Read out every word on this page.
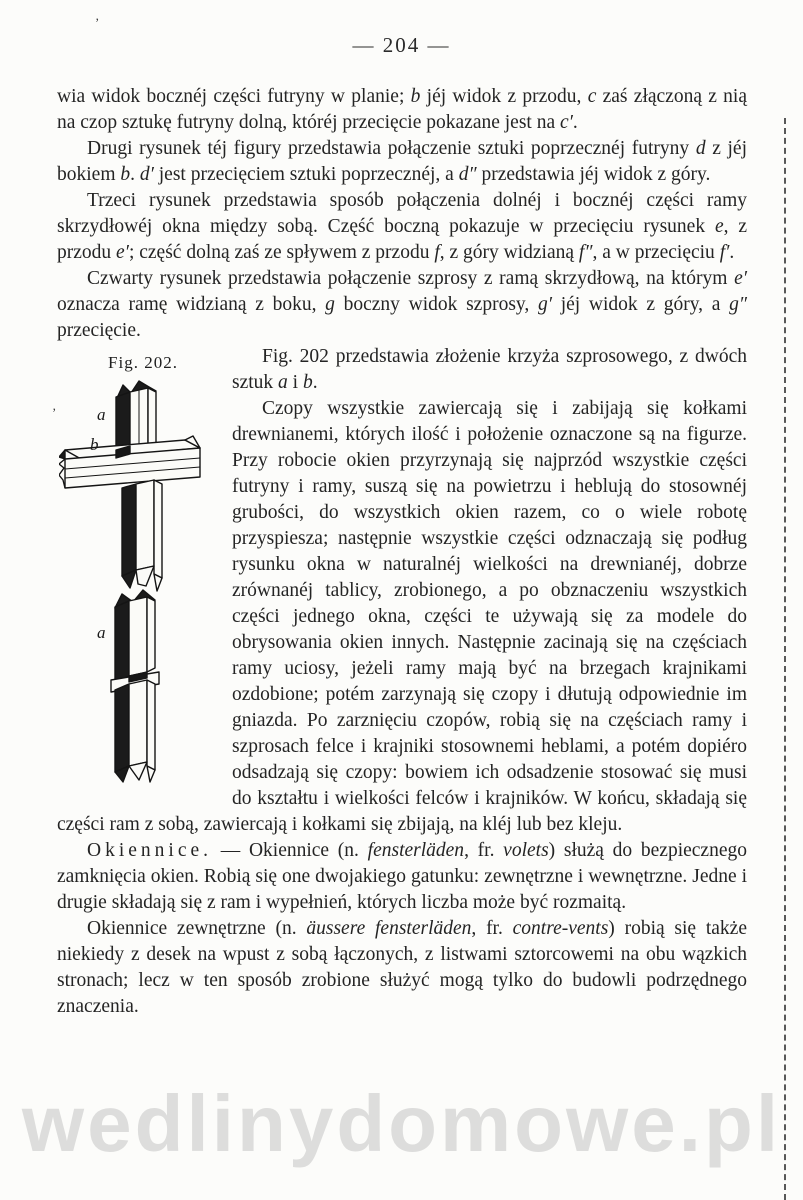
— 204 —
’
’

wia widok bocznéj części futryny w planie; b jéj widok z przodu, c zaś złączoną z nią na czop sztukę futryny dolną, któréj przecięcie pokazane jest na c′.

Drugi rysunek téj figury przedstawia połączenie sztuki poprzecznéj futryny d z jéj bokiem b. d′ jest przecięciem sztuki poprzecznéj, a d″ przedstawia jéj widok z góry.

Trzeci rysunek przedstawia sposób połączenia dolnéj i bocznéj części ramy skrzydłowéj okna między sobą. Część boczną pokazuje w przecięciu rysunek e, z przodu e′; część dolną zaś ze spływem z przodu f, z góry widzianą f″, a w przecięciu f′.

Czwarty rysunek przedstawia połączenie szprosy z ramą skrzydłową, na którym e′ oznacza ramę widzianą z boku, g boczny widok szprosy, g′ jéj widok z góry, a g″ przecięcie.

Fig. 202.
a
b
a

Fig. 202 przedstawia złożenie krzyża szprosowego, z dwóch sztuk a i b.

Czopy wszystkie zawiercają się i zabijają się kołkami drewnianemi, których ilość i położenie oznaczone są na figurze. Przy robocie okien przyrzynają się najprzód wszystkie części futryny i ramy, suszą się na powietrzu i heblują do stosownéj grubości, do wszystkich okien razem, co o wiele robotę przyspiesza; następnie wszystkie części odznaczają się podług rysunku okna w naturalnéj wielkości na drewnianéj, dobrze zrównanéj tablicy, zrobionego, a po obznaczeniu wszystkich części jednego okna, części te używają się za modele do obrysowania okien innych. Następnie zacinają się na częściach ramy uciosy, jeżeli ramy mają być na brzegach krajnikami ozdobione; potém zarzynają się czopy i dłutują odpowiednie im gniazda. Po zarznięciu czopów, robią się na częściach ramy i szprosach felce i krajniki stosownemi heblami, a potém dopiéro odsadzają się czopy: bowiem ich odsadzenie stosować się musi do kształtu i wielkości felców i krajników. W końcu, składają się części ram z sobą, zawiercają i kołkami się zbijają, na kléj lub bez kleju.

Okiennice. — Okiennice (n. fensterläden, fr. volets) służą do bezpiecznego zamknięcia okien. Robią się one dwojakiego gatunku: zewnętrzne i wewnętrzne. Jedne i drugie składają się z ram i wypełnień, których liczba może być rozmaitą.

Okiennice zewnętrzne (n. äussere fensterläden, fr. contre-vents) robią się także niekiedy z desek na wpust z sobą łączonych, z listwami sztorcowemi na obu wązkich stronach; lecz w ten sposób zrobione służyć mogą tylko do budowli podrzędnego znaczenia.

wedlinydomowe.pl
